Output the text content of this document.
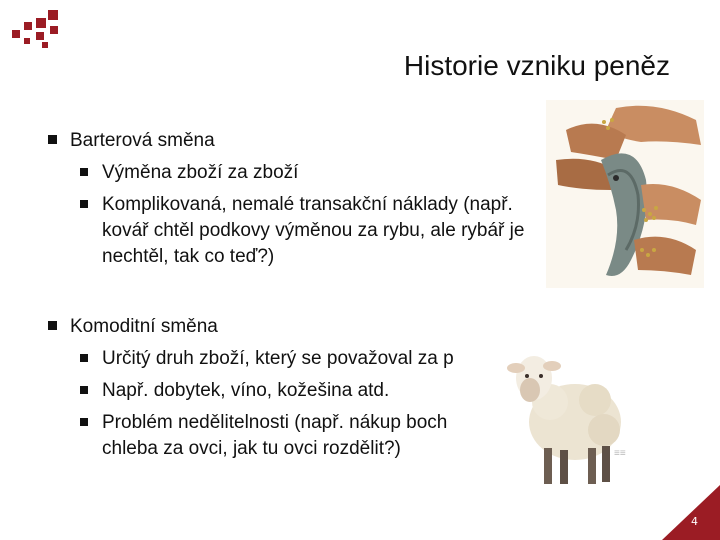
Historie vzniku peněz
Barterová směna
Výměna zboží za zboží
Komplikovaná, nemalé transakční náklady (např. kovář chtěl podkovy výměnou za rybu, ale rybář je nechtěl, tak co teď?)
Komoditní směna
Určitý druh zboží, který se považoval za p
Např. dobytek, víno, kožešina atd.
Problém nedělitelnosti (např. nákup boch chleba za ovci, jak tu ovci rozdělit?)	≡≡
4
